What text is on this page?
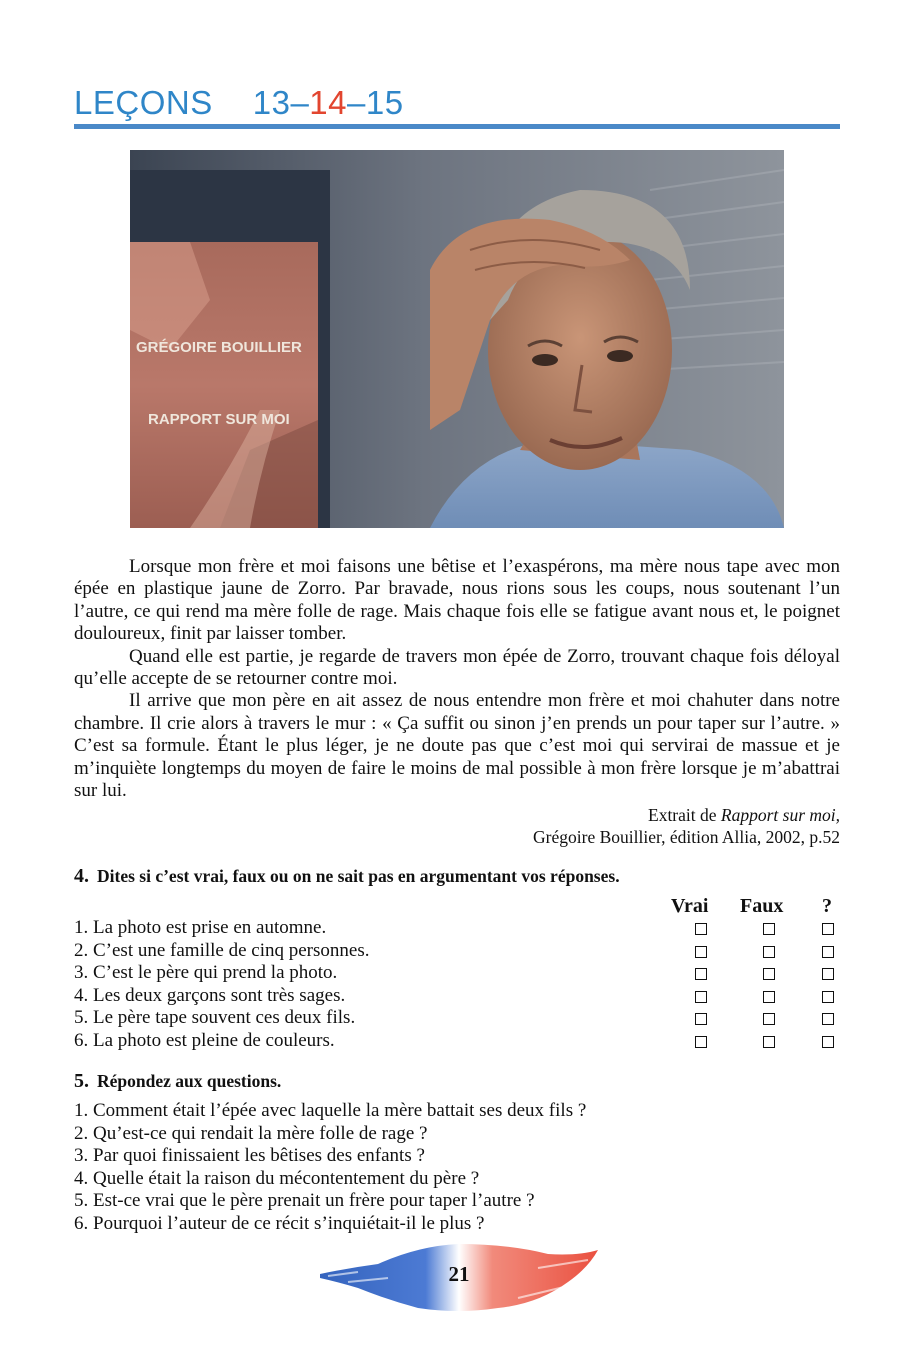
LEÇONS 13–14–15
GRÉGOIRE BOUILLIER
RAPPORT SUR MOI

Lorsque mon frère et moi faisons une bêtise et l’exaspérons, ma mère nous tape avec mon épée en plastique jaune de Zorro. Par bravade, nous rions sous les coups, nous soutenant l’un l’autre, ce qui rend ma mère folle de rage. Mais chaque fois elle se fatigue avant nous et, le poignet douloureux, finit par laisser tomber.

Quand elle est partie, je regarde de travers mon épée de Zorro, trouvant chaque fois déloyal qu’elle accepte de se retourner contre moi.

Il arrive que mon père en ait assez de nous entendre mon frère et moi chahuter dans notre chambre. Il crie alors à travers le mur : « Ça suffit ou sinon j’en prends un pour taper sur l’autre. » C’est sa formule. Étant le plus léger, je ne doute pas que c’est moi qui servirai de massue et je m’inquiète longtemps du moyen de faire le moins de mal possible à mon frère lorsque je m’abattrai sur lui.

Extrait de Rapport sur moi,
Grégoire Bouillier, édition Allia, 2002, p.52
4. Dites si c’est vrai, faux ou on ne sait pas en argumentant vos réponses.
Vrai Faux ?
1. La photo est prise en automne.
2. C’est une famille de cinq personnes.
3. C’est le père qui prend la photo.
4. Les deux garçons sont très sages.
5. Le père tape souvent ces deux fils.
6. La photo est pleine de couleurs.
5. Répondez aux questions.
1. Comment était l’épée avec laquelle la mère battait ses deux fils ?
2. Qu’est-ce qui rendait la mère folle de rage ?
3. Par quoi finissaient les bêtises des enfants ?
4. Quelle était la raison du mécontentement du père ?
5. Est-ce vrai que le père prenait un frère pour taper l’autre ?
6. Pourquoi l’auteur de ce récit s’inquiétait-il le plus ?
21
